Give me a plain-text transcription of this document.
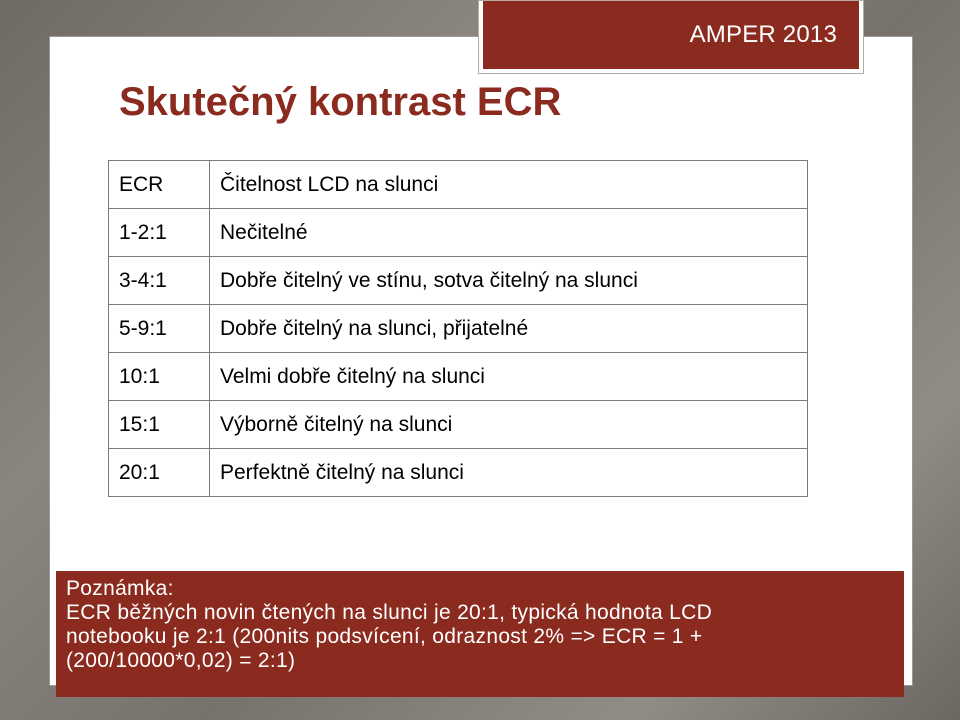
AMPER 2013
Skutečný kontrast ECR
ECR	Čitelnost LCD na slunci
1-2:1	Nečitelné
3-4:1	Dobře čitelný ve stínu, sotva čitelný na slunci
5-9:1	Dobře čitelný na slunci, přijatelné
10:1	Velmi dobře čitelný na slunci
15:1	Výborně čitelný na slunci
20:1	Perfektně čitelný na slunci
Poznámka:
ECR běžných novin čtených na slunci je 20:1, typická hodnota LCD
notebooku je 2:1 (200nits podsvícení, odraznost 2% => ECR = 1 +
(200/10000*0,02) = 2:1)
